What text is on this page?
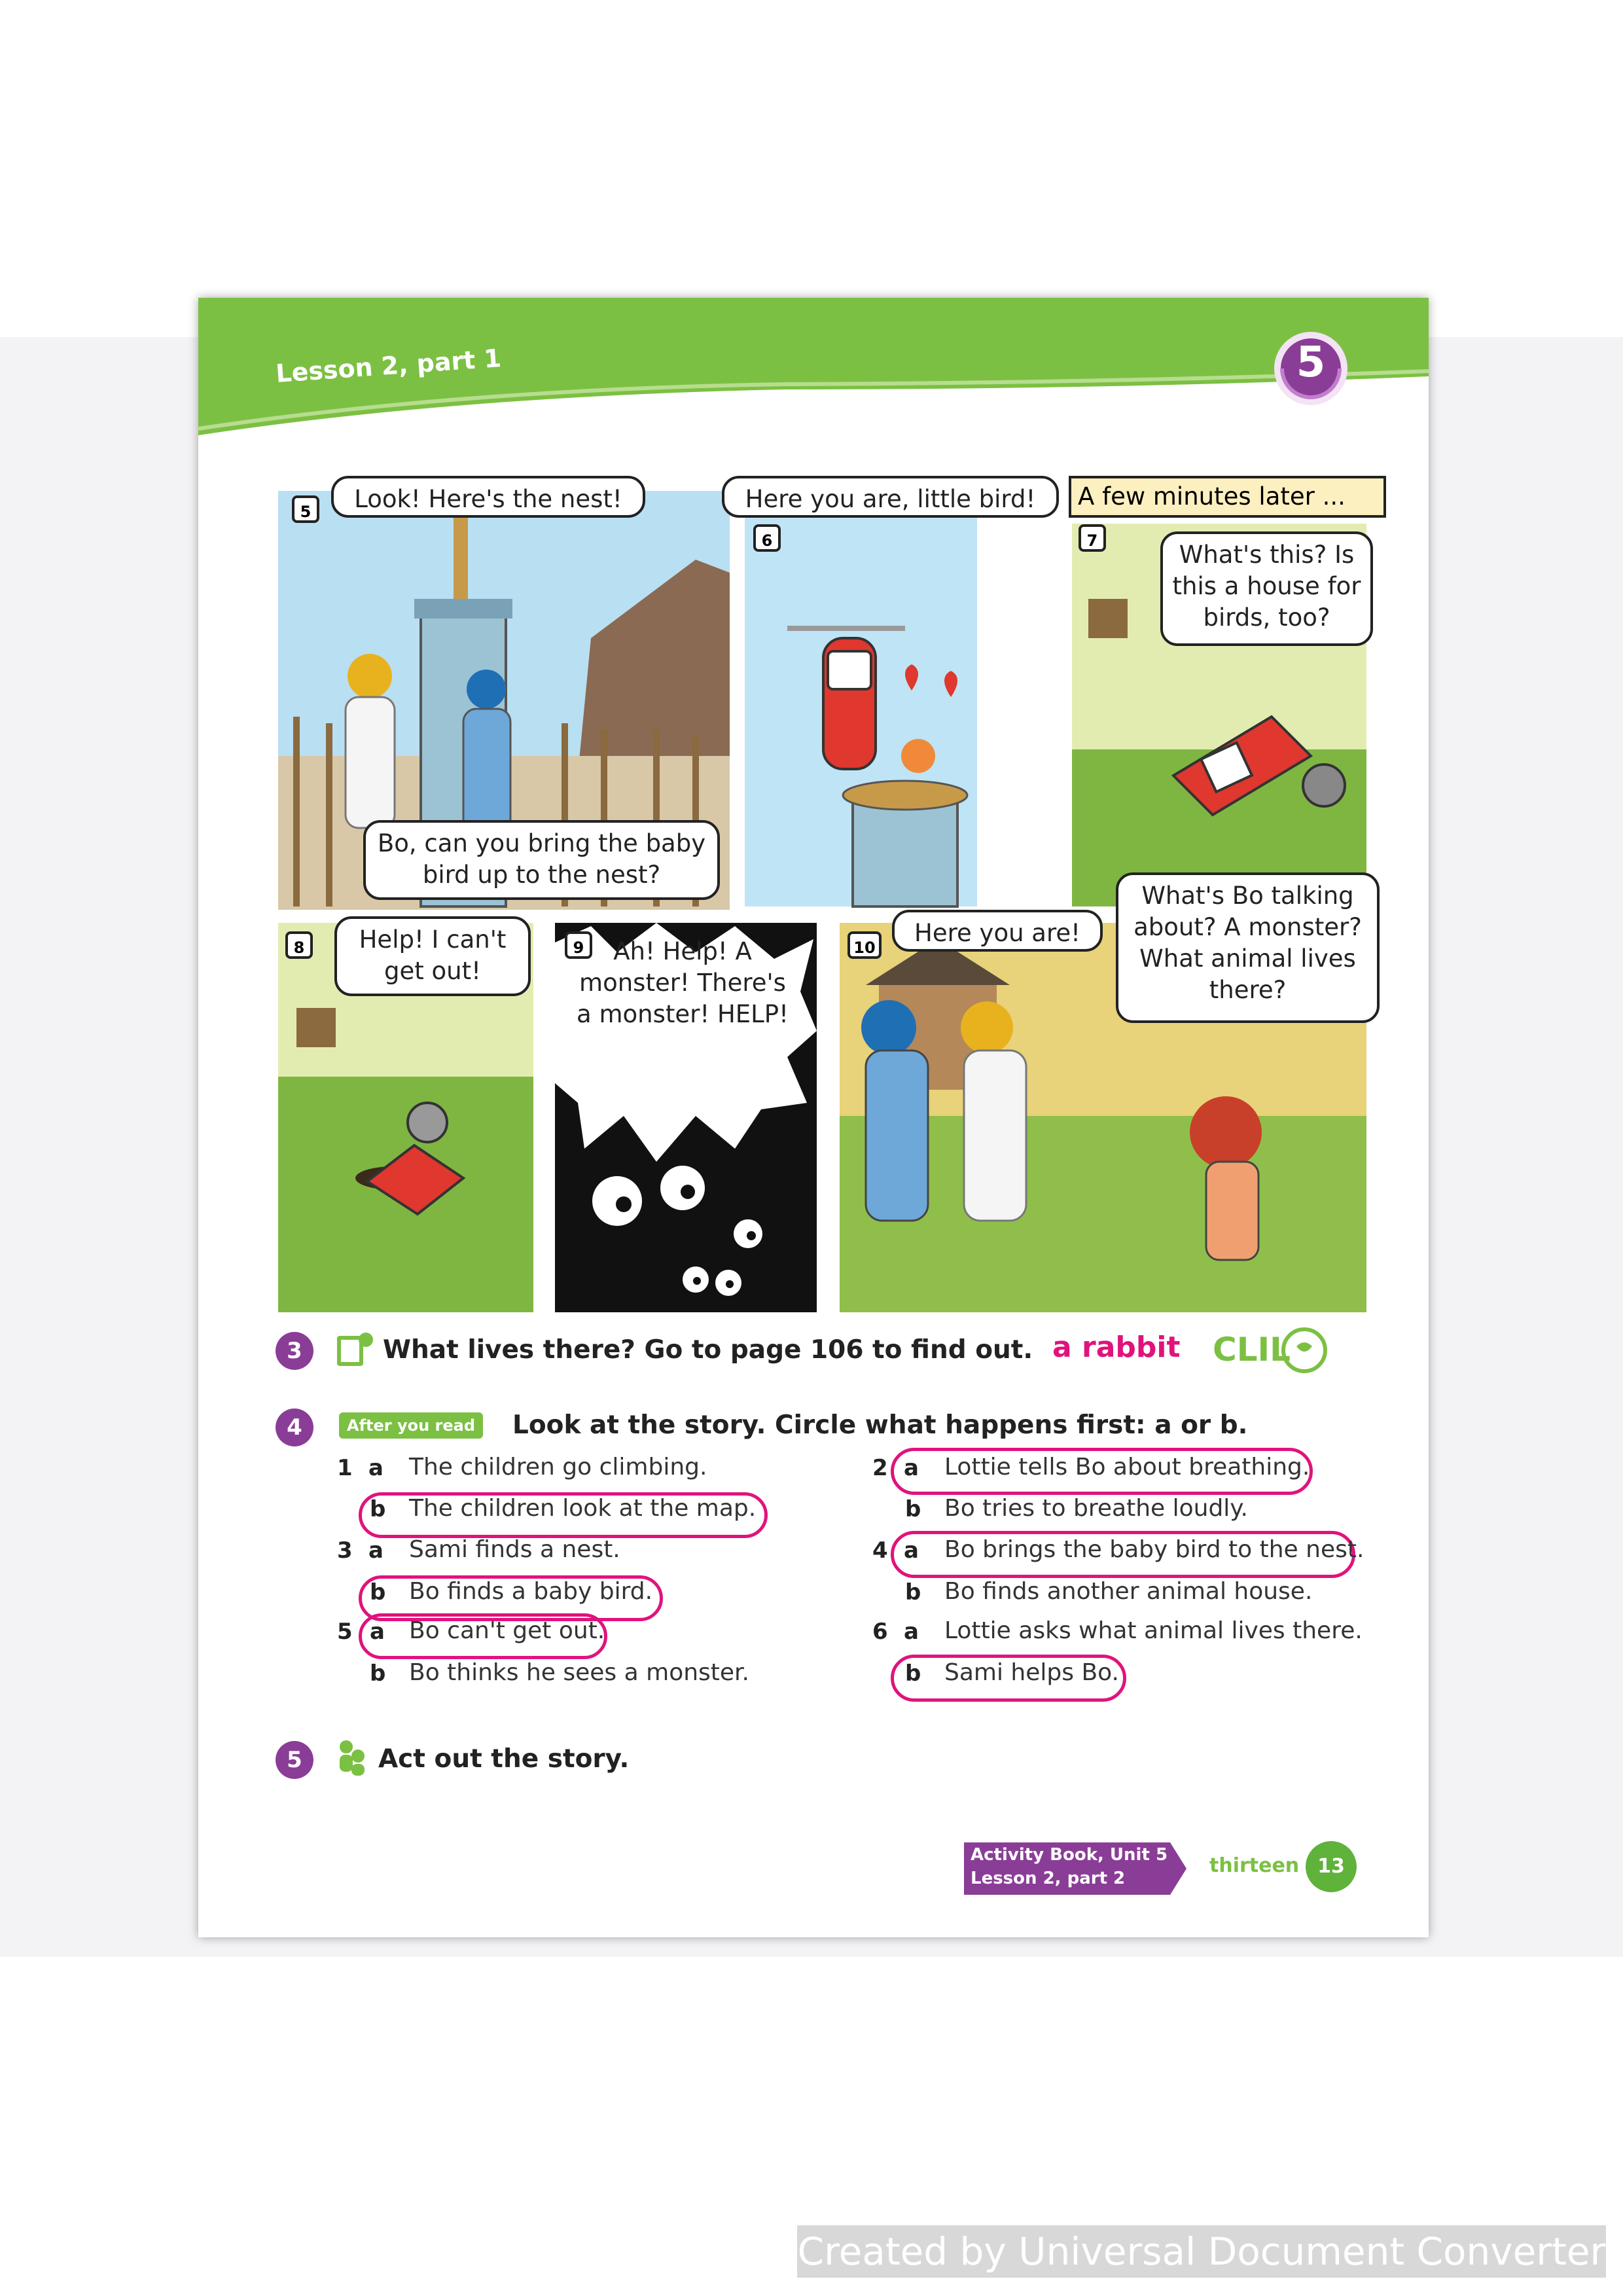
Lesson 2, part 1	5
5
6	7
8	9	10
Look! Here's the nest!
Bo, can you bring the baby bird up to the nest?
Here you are, little bird!	A few minutes later ...
What's this? Is this a house for birds, too?
Help! I can't get out!
Ah! Help! A monster! There's a monster! HELP!
Here you are!
What's Bo talking about? A monster? What animal lives there?
3	What lives there? Go to page 106 to find out. a rabbit CLIL
4	After you read	Look at the story. Circle what happens first: a or b.
1 a The children go climbing.
b The children look at the map.
3 a Sami finds a nest.
b Bo finds a baby bird.
5 a Bo can't get out.
b Bo thinks he sees a monster.
2 a Lottie tells Bo about breathing.
b Bo tries to breathe loudly.
4 a Bo brings the baby bird to the nest.
b Bo finds another animal house.
6 a Lottie asks what animal lives there.
b Sami helps Bo.
5	Act out the story.
Activity Book, Unit 5
Lesson 2, part 2
thirteen 13
Created by Universal Document Converter
